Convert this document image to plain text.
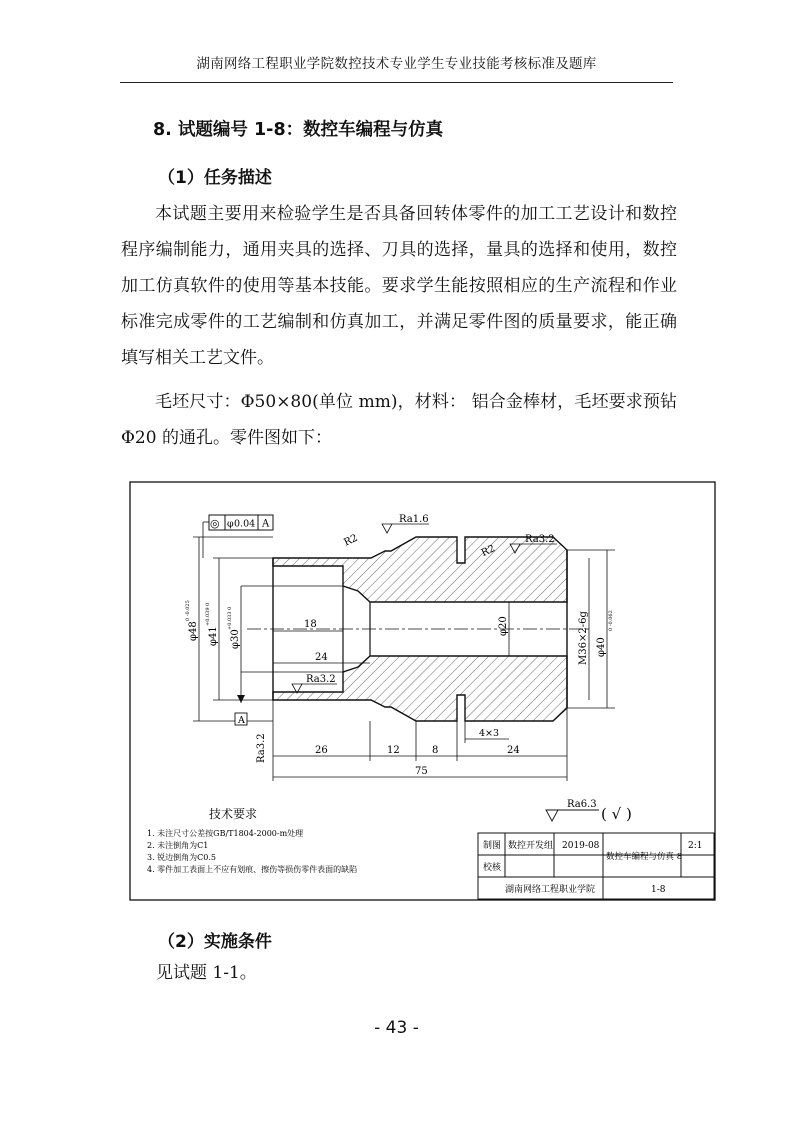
湖南网络工程职业学院数控技术专业学生专业技能考核标准及题库
8. 试题编号 1-8：数控车编程与仿真
（1）任务描述

本试题主要用来检验学生是否具备回转体零件的加工工艺设计和数控程序编制能力，通用夹具的选择、刀具的选择，量具的选择和使用，数控加工仿真软件的使用等基本技能。要求学生能按照相应的生产流程和作业标准完成零件的工艺编制和仿真加工，并满足零件图的质量要求，能正确填写相关工艺文件。

毛坯尺寸：Φ50×80(单位 mm)，材料： 铝合金棒材，毛坯要求预钻Φ20 的通孔。零件图如下：

◎ φ 0.04 A
A
φ48
0 -0.025
φ41
+0.039 0
φ30
+0.033 0	18
24
φ20
φ40
0 -0.062
M36×2-6g
R2
Ra1.6
R2
Ra3.2
Ra3.2
Ra3.2	26	12	8	24
75
4×3
Ra6.3
( √ )
技术要求
1. 未注尺寸公差按GB/T1804-2000-m处理
2. 未注倒角为C1
3. 锐边倒角为C0.5
4. 零件加工表面上不应有划痕、擦伤等损伤零件表面的缺陷
制图 数控开发组 2019-08
数控车编程与仿真 8
2:1
校核
湖南网络工程职业学院	1-8
（2）实施条件
见试题 1-1。
- 43 -
